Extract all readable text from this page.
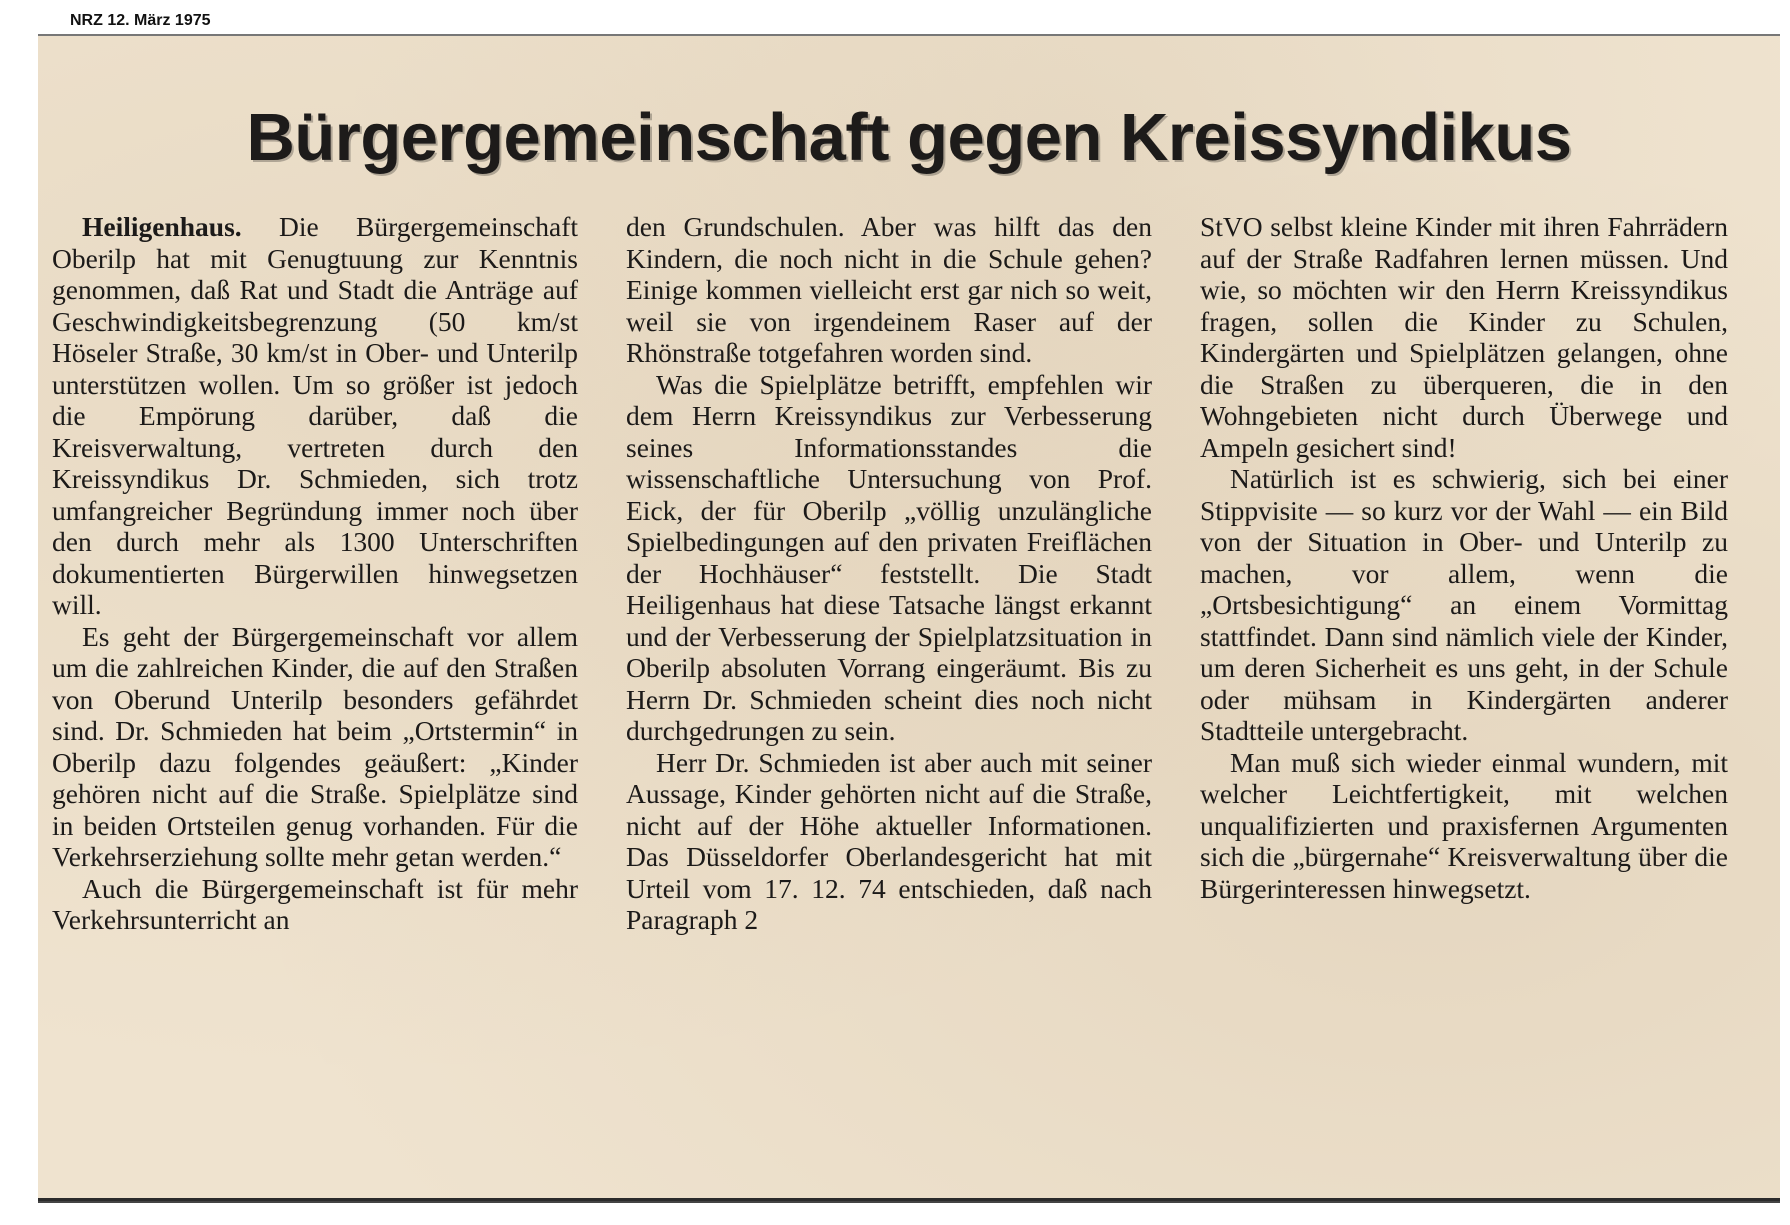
NRZ 12. März 1975
Bürgergemeinschaft gegen Kreissyndikus

Heiligenhaus. Die Bürgergemeinschaft Oberilp hat mit Genugtuung zur Kenntnis genommen, daß Rat und Stadt die Anträge auf Geschwindigkeitsbegrenzung (50 km/st Höseler Straße, 30 km/st in Ober- und Unterilp unterstützen wollen. Um so größer ist jedoch die Empörung darüber, daß die Kreisverwaltung, vertreten durch den Kreissyndikus Dr. Schmieden, sich trotz umfangreicher Begründung immer noch über den durch mehr als 1300 Unterschriften dokumentierten Bürgerwillen hinwegsetzen will.

Es geht der Bürgergemeinschaft vor allem um die zahlreichen Kinder, die auf den Straßen von Oberund Unterilp besonders gefährdet sind. Dr. Schmieden hat beim „Ortstermin“ in Oberilp dazu folgendes geäußert: „Kinder gehören nicht auf die Straße. Spielplätze sind in beiden Ortsteilen genug vorhanden. Für die Verkehrserziehung sollte mehr getan werden.“

Auch die Bürgergemeinschaft ist für mehr Verkehrsunterricht an

den Grundschulen. Aber was hilft das den Kindern, die noch nicht in die Schule gehen? Einige kommen vielleicht erst gar nich so weit, weil sie von irgendeinem Raser auf der Rhönstraße totgefahren worden sind.

Was die Spielplätze betrifft, empfehlen wir dem Herrn Kreissyndikus zur Verbesserung seines Informationsstandes die wissenschaftliche Untersuchung von Prof. Eick, der für Oberilp „völlig unzulängliche Spielbedingungen auf den privaten Freiflächen der Hochhäuser“ feststellt. Die Stadt Heiligenhaus hat diese Tatsache längst erkannt und der Verbesserung der Spielplatzsituation in Oberilp absoluten Vorrang eingeräumt. Bis zu Herrn Dr. Schmieden scheint dies noch nicht durchgedrungen zu sein.

Herr Dr. Schmieden ist aber auch mit seiner Aussage, Kinder gehörten nicht auf die Straße, nicht auf der Höhe aktueller Informationen. Das Düsseldorfer Oberlandesgericht hat mit Urteil vom 17. 12. 74 entschieden, daß nach Paragraph 2

StVO selbst kleine Kinder mit ihren Fahrrädern auf der Straße Radfahren lernen müssen. Und wie, so möchten wir den Herrn Kreissyndikus fragen, sollen die Kinder zu Schulen, Kindergärten und Spielplätzen gelangen, ohne die Straßen zu überqueren, die in den Wohngebieten nicht durch Überwege und Ampeln gesichert sind!

Natürlich ist es schwierig, sich bei einer Stippvisite — so kurz vor der Wahl — ein Bild von der Situation in Ober- und Unterilp zu machen, vor allem, wenn die „Ortsbesichtigung“ an einem Vormittag stattfindet. Dann sind nämlich viele der Kinder, um deren Sicherheit es uns geht, in der Schule oder mühsam in Kindergärten anderer Stadtteile untergebracht.

Man muß sich wieder einmal wundern, mit welcher Leichtfertigkeit, mit welchen unqualifizierten und praxisfernen Argumenten sich die „bürgernahe“ Kreisverwaltung über die Bürgerinteressen hinwegsetzt.
